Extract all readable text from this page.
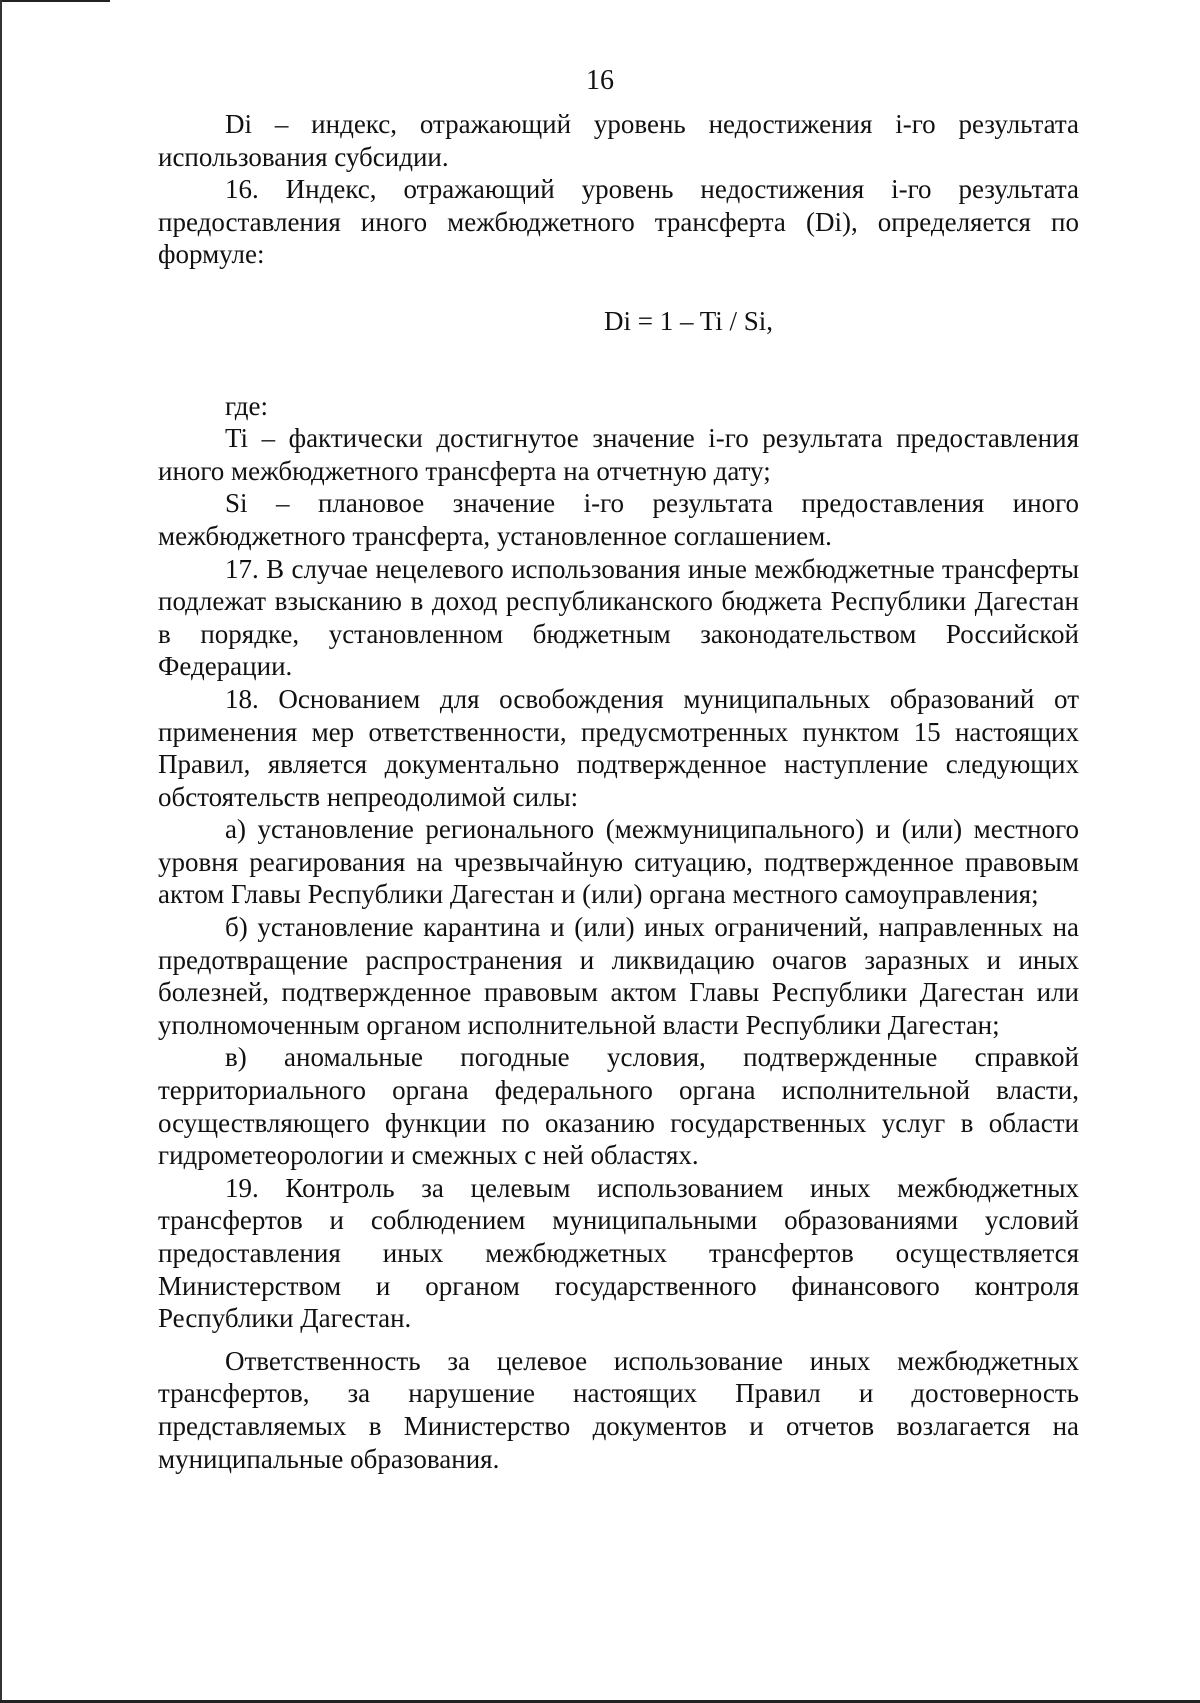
16

Di – индекс, отражающий уровень недостижения i-го результата использования субсидии.

16. Индекс, отражающий уровень недостижения i-го результата предоставления иного межбюджетного трансферта (Di), определяется по формуле:

Di = 1 – Ti / Si,

где:

Ti – фактически достигнутое значение i-го результата предоставления иного межбюджетного трансферта на отчетную дату;

Si – плановое значение i-го результата предоставления иного межбюджетного трансферта, установленное соглашением.

17. В случае нецелевого использования иные межбюджетные трансферты подлежат взысканию в доход республиканского бюджета Республики Дагестан в порядке, установленном бюджетным законодательством Российской Федерации.

18. Основанием для освобождения муниципальных образований от применения мер ответственности, предусмотренных пунктом 15 настоящих Правил, является документально подтвержденное наступление следующих обстоятельств непреодолимой силы:

а) установление регионального (межмуниципального) и (или) местного уровня реагирования на чрезвычайную ситуацию, подтвержденное правовым актом Главы Республики Дагестан и (или) органа местного самоуправления;

б) установление карантина и (или) иных ограничений, направленных на предотвращение распространения и ликвидацию очагов заразных и иных болезней, подтвержденное правовым актом Главы Республики Дагестан или уполномоченным органом исполнительной власти Республики Дагестан;

в) аномальные погодные условия, подтвержденные справкой территориального органа федерального органа исполнительной власти, осуществляющего функции по оказанию государственных услуг в области гидрометеорологии и смежных с ней областях.

19. Контроль за целевым использованием иных межбюджетных трансфертов и соблюдением муниципальными образованиями условий предоставления иных межбюджетных трансфертов осуществляется Министерством и органом государственного финансового контроля Республики Дагестан.

Ответственность за целевое использование иных межбюджетных трансфертов, за нарушение настоящих Правил и достоверность представляемых в Министерство документов и отчетов возлагается на муниципальные образования.
